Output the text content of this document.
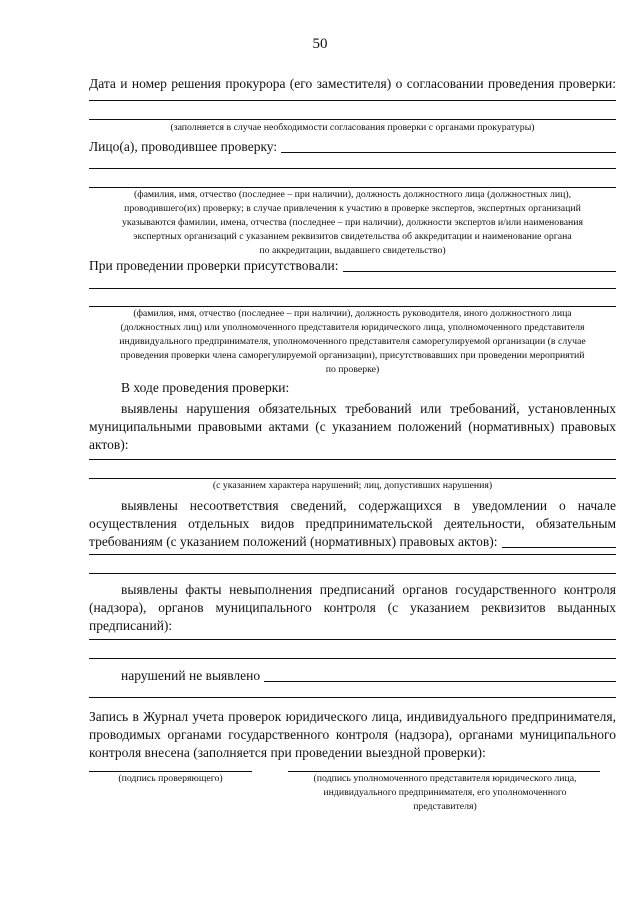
50
Дата и номер решения прокурора (его заместителя) о согласовании проведения проверки:
(заполняется в случае необходимости согласования проверки с органами прокуратуры)
Лицо(а), проводившее проверку:
(фамилия, имя, отчество (последнее – при наличии), должность должностного лица (должностных лиц),
проводившего(их) проверку; в случае привлечения к участию в проверке экспертов, экспертных организаций
указываются фамилии, имена, отчества (последнее – при наличии), должности экспертов и/или наименования
экспертных организаций с указанием реквизитов свидетельства об аккредитации и наименование органа
по аккредитации, выдавшего свидетельство)
При проведении проверки присутствовали:
(фамилия, имя, отчество (последнее – при наличии), должность руководителя, иного должностного лица
(должностных лиц) или уполномоченного представителя юридического лица, уполномоченного представителя
индивидуального предпринимателя, уполномоченного представителя саморегулируемой организации (в случае
проведения проверки члена саморегулируемой организации), присутствовавших при проведении мероприятий
по проверке)
В ходе проведения проверки:
выявлены нарушения обязательных требований или требований, установленных
муниципальными правовыми актами (с указанием положений (нормативных) правовых
актов):
(с указанием характера нарушений; лиц, допустивших нарушения)
выявлены несоответствия сведений, содержащихся в уведомлении о начале
осуществления отдельных видов предпринимательской деятельности, обязательным
требованиям (с указанием положений (нормативных) правовых актов):
выявлены факты невыполнения предписаний органов государственного контроля
(надзора), органов муниципального контроля (с указанием реквизитов выданных
предписаний):
нарушений не выявлено
Запись в Журнал учета проверок юридического лица, индивидуального предпринимателя,
проводимых органами государственного контроля (надзора), органами муниципального
контроля внесена (заполняется при проведении выездной проверки):
(подпись проверяющего)	(подпись уполномоченного представителя юридического лица,
индивидуального предпринимателя, его уполномоченного
представителя)
